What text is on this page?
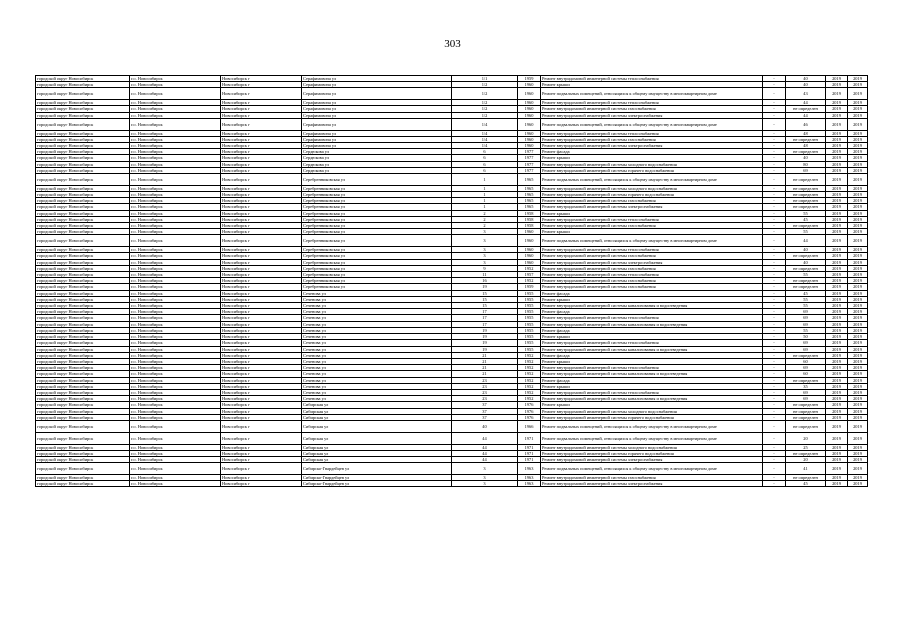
303
городской округ Новосибирск	г.о. Новосибирск	Новосибирск г	Серафимовича ул	1/1	1959	Ремонт внутридомовой инженерной системы теплоснабжения	-	40	2019	2019
городской округ Новосибирск	г.о. Новосибирск	Новосибирск г	Серафимовича ул	1/2	1960	Ремонт крыши	-	40	2019	2019
городской округ Новосибирск	г.о. Новосибирск	Новосибирск г	Серафимовича ул	1/2	1960	Ремонт подвальных помещений, относящихся к общему имуществу в многоквартирном доме	-	43	2019	2019
городской округ Новосибирск	г.о. Новосибирск	Новосибирск г	Серафимовича ул	1/2	1960	Ремонт внутридомовой инженерной системы теплоснабжения	-	44	2019	2019
городской округ Новосибирск	г.о. Новосибирск	Новосибирск г	Серафимовича ул	1/2	1960	Ремонт внутридомовой инженерной системы газоснабжения	-	не определен	2019	2019
городской округ Новосибирск	г.о. Новосибирск	Новосибирск г	Серафимовича ул	1/2	1960	Ремонт внутридомовой инженерной системы электроснабжения	-	44	2019	2019
городской округ Новосибирск	г.о. Новосибирск	Новосибирск г	Серафимовича ул	1/4	1960	Ремонт подвальных помещений, относящихся к общему имуществу в многоквартирном доме	-	46	2019	2019
городской округ Новосибирск	г.о. Новосибирск	Новосибирск г	Серафимовича ул	1/4	1960	Ремонт внутридомовой инженерной системы теплоснабжения	-	48	2019	2019
городской округ Новосибирск	г.о. Новосибирск	Новосибирск г	Серафимовича ул	1/4	1960	Ремонт внутридомовой инженерной системы газоснабжения	-	не определен	2019	2019
городской округ Новосибирск	г.о. Новосибирск	Новосибирск г	Серафимовича ул	1/4	1960	Ремонт внутридомовой инженерной системы электроснабжения	-	48	2019	2019
городской округ Новосибирск	г.о. Новосибирск	Новосибирск г	Сердюкова ул	6	1977	Ремонт фасада	-	не определен	2019	2019
городской округ Новосибирск	г.о. Новосибирск	Новосибирск г	Сердюкова ул	6	1977	Ремонт крыши	-	40	2019	2019
городской округ Новосибирск	г.о. Новосибирск	Новосибирск г	Сердюкова ул	6	1977	Ремонт внутридомовой инженерной системы холодного водоснабжения	-	80	2019	2019
городской округ Новосибирск	г.о. Новосибирск	Новосибирск г	Сердюкова ул	6	1977	Ремонт внутридомовой инженерной системы горячего водоснабжения	-	69	2019	2019
городской округ Новосибирск	г.о. Новосибирск	Новосибирск г	Серебренниковская ул	1	1965	Ремонт подвальных помещений, относящихся к общему имуществу в многоквартирном доме	-	не определен	2019	2019
городской округ Новосибирск	г.о. Новосибирск	Новосибирск г	Серебренниковская ул	1	1965	Ремонт внутридомовой инженерной системы холодного водоснабжения	-	не определен	2019	2019
городской округ Новосибирск	г.о. Новосибирск	Новосибирск г	Серебренниковская ул	1	1965	Ремонт внутридомовой инженерной системы горячего водоснабжения	-	не определен	2019	2019
городской округ Новосибирск	г.о. Новосибирск	Новосибирск г	Серебренниковская ул	1	1965	Ремонт внутридомовой инженерной системы газоснабжения	-	не определен	2019	2019
городской округ Новосибирск	г.о. Новосибирск	Новосибирск г	Серебренниковская ул	1	1965	Ремонт внутридомовой инженерной системы электроснабжения	-	не определен	2019	2019
городской округ Новосибирск	г.о. Новосибирск	Новосибирск г	Серебренниковская ул	2	1958	Ремонт крыши	-	55	2019	2019
городской округ Новосибирск	г.о. Новосибирск	Новосибирск г	Серебренниковская ул	2	1958	Ремонт внутридомовой инженерной системы теплоснабжения	-	45	2019	2019
городской округ Новосибирск	г.о. Новосибирск	Новосибирск г	Серебренниковская ул	2	1958	Ремонт внутридомовой инженерной системы газоснабжения	-	не определен	2019	2019
городской округ Новосибирск	г.о. Новосибирск	Новосибирск г	Серебренниковская ул	3	1960	Ремонт крыши	-	55	2019	2019
городской округ Новосибирск	г.о. Новосибирск	Новосибирск г	Серебренниковская ул	3	1960	Ремонт подвальных помещений, относящихся к общему имуществу в многоквартирном доме	-	44	2019	2019
городской округ Новосибирск	г.о. Новосибирск	Новосибирск г	Серебренниковская ул	3	1960	Ремонт внутридомовой инженерной системы теплоснабжения	-	40	2019	2019
городской округ Новосибирск	г.о. Новосибирск	Новосибирск г	Серебренниковская ул	3	1960	Ремонт внутридомовой инженерной системы газоснабжения	-	не определен	2019	2019
городской округ Новосибирск	г.о. Новосибирск	Новосибирск г	Серебренниковская ул	3	1960	Ремонт внутридомовой инженерной системы электроснабжения	-	40	2019	2019
городской округ Новосибирск	г.о. Новосибирск	Новосибирск г	Серебренниковская ул	9	1952	Ремонт внутридомовой инженерной системы газоснабжения	-	не определен	2019	2019
городской округ Новосибирск	г.о. Новосибирск	Новосибирск г	Серебренниковская ул	11	1957	Ремонт внутридомовой инженерной системы теплоснабжения	-	55	2019	2019
городской округ Новосибирск	г.о. Новосибирск	Новосибирск г	Серебренниковская ул	16	1952	Ремонт внутридомовой инженерной системы газоснабжения	-	не определен	2019	2019
городской округ Новосибирск	г.о. Новосибирск	Новосибирск г	Серебренниковская ул	19	1959	Ремонт внутридомовой инженерной системы газоснабжения	-	не определен	2019	2019
городской округ Новосибирск	г.о. Новосибирск	Новосибирск г	Сеченова ул	15	1955	Ремонт фасада	-	45	2019	2019
городской округ Новосибирск	г.о. Новосибирск	Новосибирск г	Сеченова ул	15	1955	Ремонт крыши	-	55	2019	2019
городской округ Новосибирск	г.о. Новосибирск	Новосибирск г	Сеченова ул	15	1955	Ремонт внутридомовой инженерной системы канализования и водоотведения	-	55	2019	2019
городской округ Новосибирск	г.о. Новосибирск	Новосибирск г	Сеченова ул	17	1955	Ремонт фасада	-	69	2019	2019
городской округ Новосибирск	г.о. Новосибирск	Новосибирск г	Сеченова ул	17	1955	Ремонт внутридомовой инженерной системы теплоснабжения	-	69	2019	2019
городской округ Новосибирск	г.о. Новосибирск	Новосибирск г	Сеченова ул	17	1955	Ремонт внутридомовой инженерной системы канализования и водоотведения	-	69	2019	2019
городской округ Новосибирск	г.о. Новосибирск	Новосибирск г	Сеченова ул	19	1955	Ремонт фасада	-	55	2019	2019
городской округ Новосибирск	г.о. Новосибирск	Новосибирск г	Сеченова ул	19	1955	Ремонт крыши	-	50	2019	2019
городской округ Новосибирск	г.о. Новосибирск	Новосибирск г	Сеченова ул	19	1955	Ремонт внутридомовой инженерной системы теплоснабжения	-	69	2019	2019
городской округ Новосибирск	г.о. Новосибирск	Новосибирск г	Сеченова ул	19	1955	Ремонт внутридомовой инженерной системы канализования и водоотведения	-	69	2019	2019
городской округ Новосибирск	г.о. Новосибирск	Новосибирск г	Сеченова ул	21	1952	Ремонт фасада	-	не определен	2019	2019
городской округ Новосибирск	г.о. Новосибирск	Новосибирск г	Сеченова ул	21	1952	Ремонт крыши	-	60	2019	2019
городской округ Новосибирск	г.о. Новосибирск	Новосибирск г	Сеченова ул	21	1952	Ремонт внутридомовой инженерной системы теплоснабжения	-	69	2019	2019
городской округ Новосибирск	г.о. Новосибирск	Новосибирск г	Сеченова ул	21	1952	Ремонт внутридомовой инженерной системы канализования и водоотведения	-	60	2019	2019
городской округ Новосибирск	г.о. Новосибирск	Новосибирск г	Сеченова ул	23	1952	Ремонт фасада	-	не определен	2019	2019
городской округ Новосибирск	г.о. Новосибирск	Новосибирск г	Сеченова ул	23	1952	Ремонт крыши	-	35	2019	2019
городской округ Новосибирск	г.о. Новосибирск	Новосибирск г	Сеченова ул	23	1952	Ремонт внутридомовой инженерной системы теплоснабжения	-	69	2019	2019
городской округ Новосибирск	г.о. Новосибирск	Новосибирск г	Сеченова ул	23	1952	Ремонт внутридомовой инженерной системы канализования и водоотведения	-	69	2019	2019
городской округ Новосибирск	г.о. Новосибирск	Новосибирск г	Сибирская ул	37	1976	Ремонт крыши	-	не определен	2019	2019
городской округ Новосибирск	г.о. Новосибирск	Новосибирск г	Сибирская ул	37	1976	Ремонт внутридомовой инженерной системы холодного водоснабжения	-	не определен	2019	2019
городской округ Новосибирск	г.о. Новосибирск	Новосибирск г	Сибирская ул	37	1976	Ремонт внутридомовой инженерной системы горячего водоснабжения	-	не определен	2019	2019
городской округ Новосибирск	г.о. Новосибирск	Новосибирск г	Сибирская ул	40	1966	Ремонт подвальных помещений, относящихся к общему имуществу в многоквартирном доме	-	не определен	2019	2019
городской округ Новосибирск	г.о. Новосибирск	Новосибирск г	Сибирская ул	44	1971	Ремонт подвальных помещений, относящихся к общему имуществу в многоквартирном доме	-	20	2019	2019
городской округ Новосибирск	г.о. Новосибирск	Новосибирск г	Сибирская ул	44	1971	Ремонт внутридомовой инженерной системы холодного водоснабжения	-	25	2019	2019
городской округ Новосибирск	г.о. Новосибирск	Новосибирск г	Сибирская ул	44	1971	Ремонт внутридомовой инженерной системы горячего водоснабжения	-	не определен	2019	2019
городской округ Новосибирск	г.о. Новосибирск	Новосибирск г	Сибирская ул	44	1971	Ремонт внутридомовой инженерной системы электроснабжения	-	20	2019	2019
городской округ Новосибирск	г.о. Новосибирск	Новосибирск г	Сибирско-Гвардейцев ул	3	1963	Ремонт подвальных помещений, относящихся к общему имуществу в многоквартирном доме	-	41	2019	2019
городской округ Новосибирск	г.о. Новосибирск	Новосибирск г	Сибирско-Гвардейцев ул	3	1963	Ремонт внутридомовой инженерной системы газоснабжения	-	не определен	2019	2019
городской округ Новосибирск	г.о. Новосибирск	Новосибирск г	Сибирско-Гвардейцев ул	3	1963	Ремонт внутридомовой инженерной системы электроснабжения	-	45	2019	2019
